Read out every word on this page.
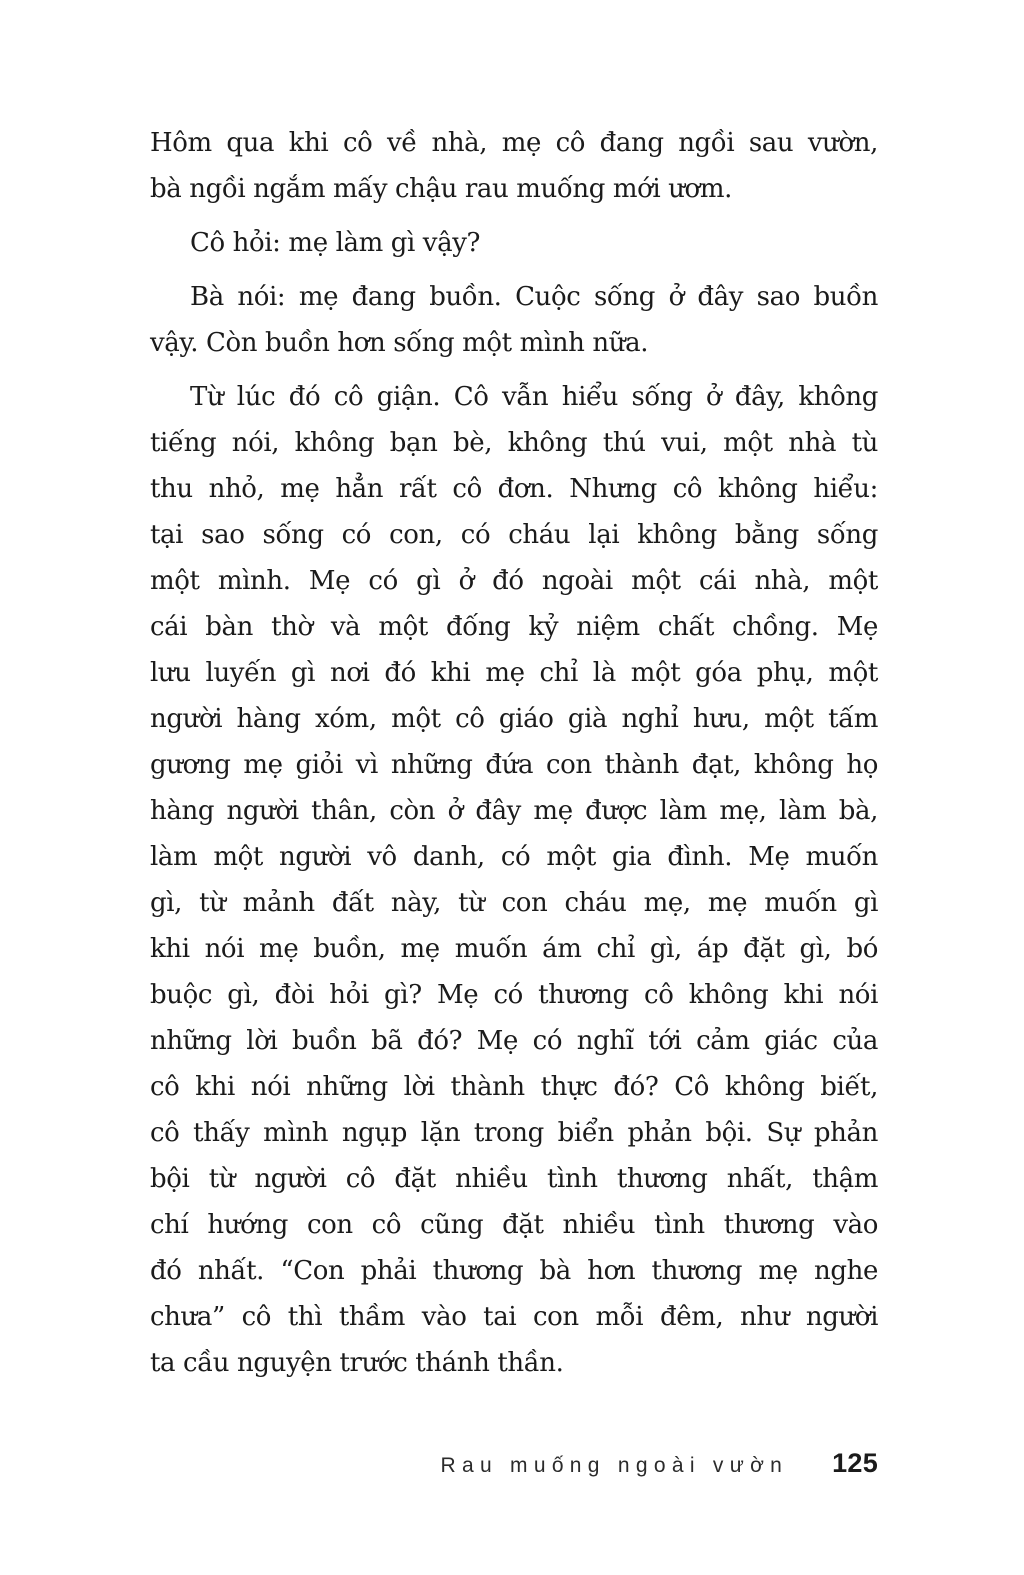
Hôm qua khi cô về nhà, mẹ cô đang ngồi sau vườn,
bà ngồi ngắm mấy chậu rau muống mới ươm.
Cô hỏi: mẹ làm gì vậy?
Bà nói: mẹ đang buồn. Cuộc sống ở đây sao buồn
vậy. Còn buồn hơn sống một mình nữa.
Từ lúc đó cô giận. Cô vẫn hiểu sống ở đây, không
tiếng nói, không bạn bè, không thú vui, một nhà tù
thu nhỏ, mẹ hẳn rất cô đơn. Nhưng cô không hiểu:
tại sao sống có con, có cháu lại không bằng sống
một mình. Mẹ có gì ở đó ngoài một cái nhà, một
cái bàn thờ và một đống kỷ niệm chất chồng. Mẹ
lưu luyến gì nơi đó khi mẹ chỉ là một góa phụ, một
người hàng xóm, một cô giáo già nghỉ hưu, một tấm
gương mẹ giỏi vì những đứa con thành đạt, không họ
hàng người thân, còn ở đây mẹ được làm mẹ, làm bà,
làm một người vô danh, có một gia đình. Mẹ muốn
gì, từ mảnh đất này, từ con cháu mẹ, mẹ muốn gì
khi nói mẹ buồn, mẹ muốn ám chỉ gì, áp đặt gì, bó
buộc gì, đòi hỏi gì? Mẹ có thương cô không khi nói
những lời buồn bã đó? Mẹ có nghĩ tới cảm giác của
cô khi nói những lời thành thực đó? Cô không biết,
cô thấy mình ngụp lặn trong biển phản bội. Sự phản
bội từ người cô đặt nhiều tình thương nhất, thậm
chí hướng con cô cũng đặt nhiều tình thương vào
đó nhất. “Con phải thương bà hơn thương mẹ nghe
chưa” cô thì thầm vào tai con mỗi đêm, như người
ta cầu nguyện trước thánh thần.
Rau muống ngoài vườn 125
